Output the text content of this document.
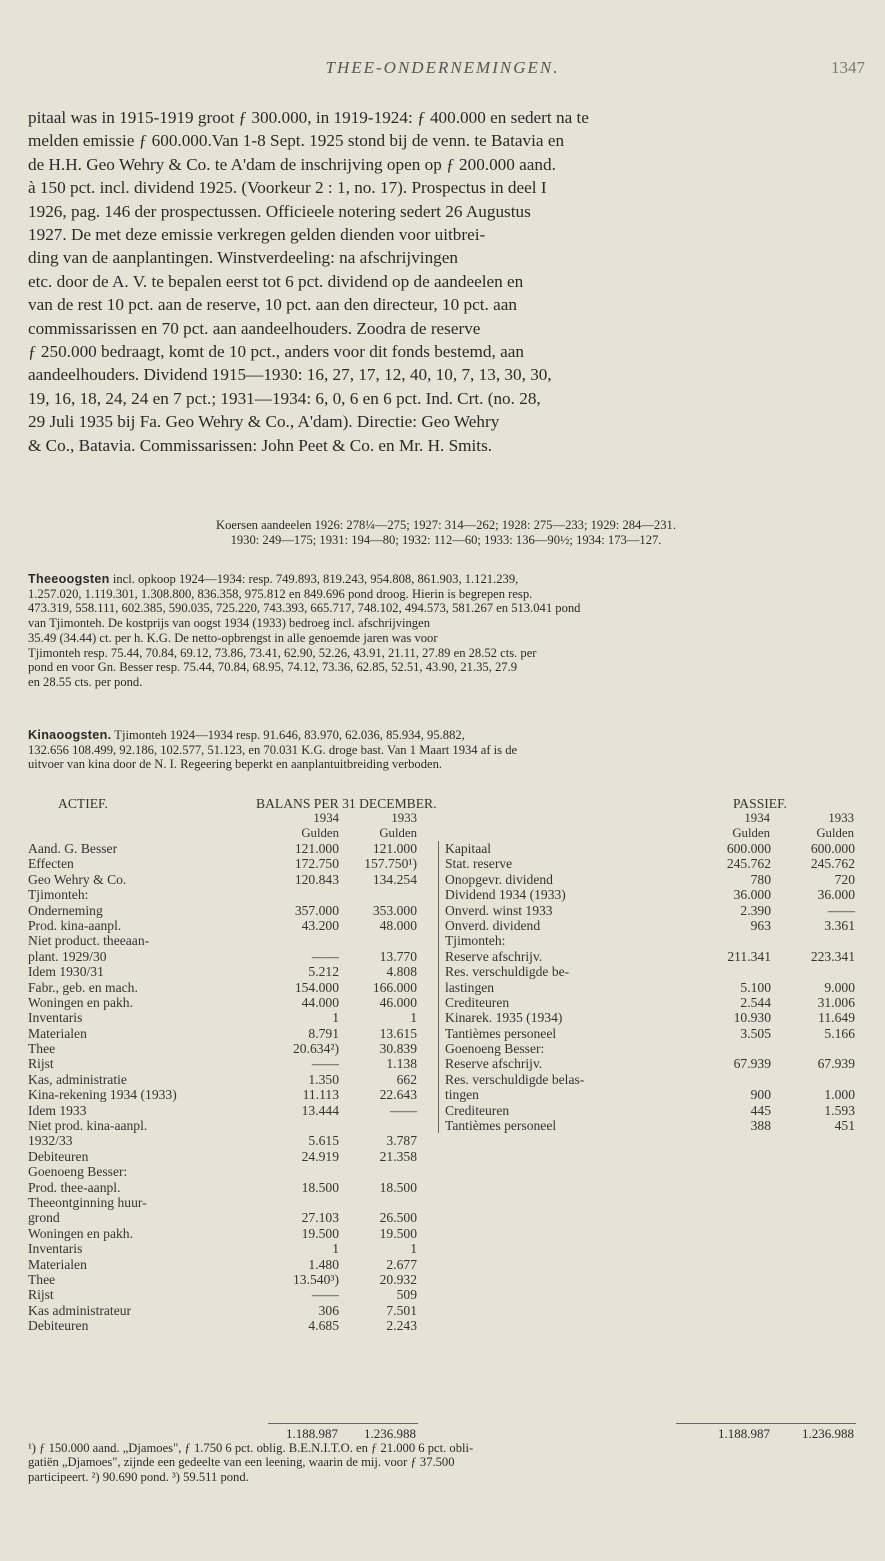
THEE-ONDERNEMINGEN.	1347

pitaal was in 1915-1919 groot ƒ 300.000, in 1919-1924: ƒ 400.000 en sedert na te

melden emissie ƒ 600.000.Van 1-8 Sept. 1925 stond bij de venn. te Batavia en

de H.H. Geo Wehry & Co. te A'dam de inschrijving open op ƒ 200.000 aand.

à 150 pct. incl. dividend 1925. (Voorkeur 2 : 1, no. 17). Prospectus in deel I

1926, pag. 146 der prospectussen. Officieele notering sedert 26 Augustus

1927. De met deze emissie verkregen gelden dienden voor uitbrei-

ding van de aanplantingen. Winstverdeeling: na afschrijvingen

etc. door de A. V. te bepalen eerst tot 6 pct. dividend op de aandeelen en

van de rest 10 pct. aan de reserve, 10 pct. aan den directeur, 10 pct. aan

commissarissen en 70 pct. aan aandeelhouders. Zoodra de reserve

ƒ 250.000 bedraagt, komt de 10 pct., anders voor dit fonds bestemd, aan

aandeelhouders. Dividend 1915—1930: 16, 27, 17, 12, 40, 10, 7, 13, 30, 30,

19, 16, 18, 24, 24 en 7 pct.; 1931—1934: 6, 0, 6 en 6 pct. Ind. Crt. (no. 28,

29 Juli 1935 bij Fa. Geo Wehry & Co., A'dam). Directie: Geo Wehry

& Co., Batavia. Commissarissen: John Peet & Co. en Mr. H. Smits.

Koersen aandeelen 1926: 278¼—275; 1927: 314—262; 1928: 275—233; 1929: 284—231.

1930: 249—175; 1931: 194—80; 1932: 112—60; 1933: 136—90½; 1934: 173—127.

Theeoogsten incl. opkoop 1924—1934: resp. 749.893, 819.243, 954.808, 861.903, 1.121.239,

1.257.020, 1.119.301, 1.308.800, 836.358, 975.812 en 849.696 pond droog. Hierin is begrepen resp.

473.319, 558.111, 602.385, 590.035, 725.220, 743.393, 665.717, 748.102, 494.573, 581.267 en 513.041 pond

van Tjimonteh. De kostprijs van oogst 1934 (1933) bedroeg incl. afschrijvingen

35.49 (34.44) ct. per h. K.G. De netto-opbrengst in alle genoemde jaren was voor

Tjimonteh resp. 75.44, 70.84, 69.12, 73.86, 73.41, 62.90, 52.26, 43.91, 21.11, 27.89 en 28.52 cts. per

pond en voor Gn. Besser resp. 75.44, 70.84, 68.95, 74.12, 73.36, 62.85, 52.51, 43.90, 21.35, 27.9

en 28.55 cts. per pond.

Kinaoogsten. Tjimonteh 1924—1934 resp. 91.646, 83.970, 62.036, 85.934, 95.882,

132.656 108.499, 92.186, 102.577, 51.123, en 70.031 K.G. droge bast. Van 1 Maart 1934 af is de

uitvoer van kina door de N. I. Regeering beperkt en aanplantuitbreiding verboden.

ACTIEF.	BALANS PER 31 DECEMBER.	PASSIEF.
1934	1933
Gulden	Gulden
1934	1933
Gulden	Gulden
Aand. G. Besser	121.000	121.000
Effecten	172.750	157.750¹)
Geo Wehry & Co.	120.843	134.254
Tjimonteh:
Onderneming	357.000	353.000
Prod. kina-aanpl.	43.200	48.000
Niet product. theeaan-
plant. 1929/30	——	13.770
Idem 1930/31	5.212	4.808
Fabr., geb. en mach.	154.000	166.000
Woningen en pakh.	44.000	46.000
Inventaris	1	1
Materialen	8.791	13.615
Thee	20.634²)	30.839
Rijst	——	1.138
Kas, administratie	1.350	662
Kina-rekening 1934 (1933)	11.113	22.643
Idem 1933	13.444	——
Niet prod. kina-aanpl.
1932/33	5.615	3.787
Debiteuren	24.919	21.358
Goenoeng Besser:
Prod. thee-aanpl.	18.500	18.500
Theeontginning huur-
grond	27.103	26.500
Woningen en pakh.	19.500	19.500
Inventaris	1	1
Materialen	1.480	2.677
Thee	13.540³)	20.932
Rijst	——	509
Kas administrateur	306	7.501
Debiteuren	4.685	2.243
Kapitaal	600.000	600.000
Stat. reserve	245.762	245.762
Onopgevr. dividend	780	720
Dividend 1934 (1933)	36.000	36.000
Onverd. winst 1933	2.390	——
Onverd. dividend	963	3.361
Tjimonteh:
Reserve afschrijv.	211.341	223.341
Res. verschuldigde be-
lastingen	5.100	9.000
Crediteuren	2.544	31.006
Kinarek. 1935 (1934)	10.930	11.649
Tantièmes personeel	3.505	5.166
Goenoeng Besser:
Reserve afschrijv.	67.939	67.939
Res. verschuldigde belas-
tingen	900	1.000
Crediteuren	445	1.593
Tantièmes personeel	388	451
1.188.987	1.236.988	1.188.987	1.236.988

¹) ƒ 150.000 aand. „Djamoes", ƒ 1.750 6 pct. oblig. B.E.N.I.T.O. en ƒ 21.000 6 pct. obli-

gatiën „Djamoes", zijnde een gedeelte van een leening, waarin de mij. voor ƒ 37.500

participeert. ²) 90.690 pond. ³) 59.511 pond.
